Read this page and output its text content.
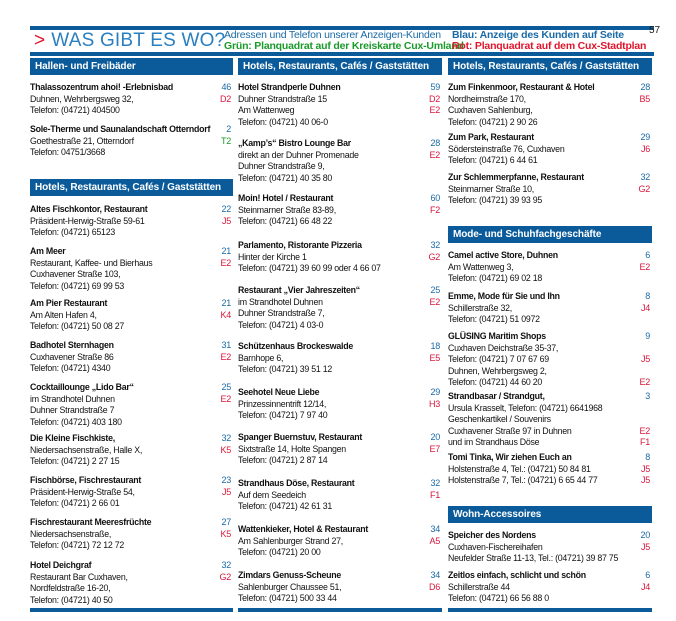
> WAS GIBT ES WO?
Adressen und Telefon unserer Anzeigen-Kunden
Grün: Planquadrat auf der Kreiskarte Cux-Umland
Blau: Anzeige des Kunden auf Seite
Rot: Planquadrat auf dem Cux-Stadtplan
57
Hallen- und Freibäder
Thalassozentrum ahoi! -Erlebnisbad	46
Duhnen, Wehrbergsweg 32,	D2
Telefon: (04721) 404500
Sole-Therme und Saunalandschaft Otterndorf 2
Goethestraße 21, Otterndorf	T2
Telefon: 04751/3668
Hotels, Restaurants, Cafés / Gaststätten
Altes Fischkontor, Restaurant	22
Präsident-Herwig-Straße 59-61	J5
Telefon: (04721) 65123
Am Meer	21
Restaurant, Kaffee- und Bierhaus	E2
Cuxhavener Straße 103,
Telefon: (04721) 69 99 53
Am Pier Restaurant	21
Am Alten Hafen 4,	K4
Telefon: (04721) 50 08 27
Badhotel Sternhagen	31
Cuxhavener Straße 86	E2
Telefon: (04721) 4340
Cocktaillounge „Lido Bar“	25
im Strandhotel Duhnen	E2
Duhner Strandstraße 7
Telefon: (04721) 403 180
Die Kleine Fischkiste,	32
Niedersachsenstraße, Halle X,	K5
Telefon: (04721) 2 27 15
Fischbörse, Fischrestaurant	23
Präsident-Herwig-Straße 54,	J5
Telefon: (04721) 2 66 01
Fischrestaurant Meeresfrüchte	27
Niedersachsenstraße,	K5
Telefon: (04721) 72 12 72
Hotel Deichgraf	32
Restaurant Bar Cuxhaven,	G2
Nordfeldstraße 16-20,
Telefon: (04721) 40 50
Hotels, Restaurants, Cafés / Gaststätten
Hotel Strandperle Duhnen	59
Duhner Strandstraße 15	D2
Am Wattenweg	E2
Telefon: (04721) 40 06-0
„Kamp’s“ Bistro Lounge Bar	28
direkt an der Duhner Promenade	E2
Duhner Strandstraße 9,
Telefon: (04721) 40 35 80
Moin! Hotel / Restaurant	60
Steinmarner Straße 83-89,	F2
Telefon: (04721) 66 48 22
Parlamento, Ristorante Pizzeria	32
Hinter der Kirche 1	G2
Telefon: (04721) 39 60 99 oder 4 66 07
Restaurant „Vier Jahreszeiten“	25
im Strandhotel Duhnen	E2
Duhner Strandstraße 7,
Telefon: (04721) 4 03-0
Schützenhaus Brockeswalde	18
Barnhope 6,	E5
Telefon: (04721) 39 51 12
Seehotel Neue Liebe	29
Prinzessinnentrift 12/14,	H3
Telefon: (04721) 7 97 40
Spanger Buernstuv, Restaurant	20
Sixtstraße 14, Holte Spangen	E7
Telefon: (04721) 2 87 14
Strandhaus Döse, Restaurant	32
Auf dem Seedeich	F1
Telefon: (04721) 42 61 31
Wattenkieker, Hotel & Restaurant	34
Am Sahlenburger Strand 27,	A5
Telefon: (04721) 20 00
Zimdars Genuss-Scheune	34
Sahlenburger Chaussee 51,	D6
Telefon: (04721) 500 33 44
Hotels, Restaurants, Cafés / Gaststätten
Zum Finkenmoor, Restaurant & Hotel	28
Nordheimstraße 170,	B5
Cuxhaven Sahlenburg,
Telefon: (04721) 2 90 26
Zum Park, Restaurant	29
Södersteinstraße 76, Cuxhaven	J6
Telefon: (04721) 6 44 61
Zur Schlemmerpfanne, Restaurant	32
Steinmarner Straße 10,	G2
Telefon: (04721) 39 93 95
Mode- und Schuhfachgeschäfte
Camel active Store, Duhnen	6
Am Wattenweg 3,	E2
Telefon: (04721) 69 02 18
Emme, Mode für Sie und Ihn	8
Schillerstraße 32,	J4
Telefon: (04721) 51 0972
GLÜSING Maritim Shops	9
Cuxhaven Deichstraße 35-37,
Telefon: (04721) 7 07 67 69	J5
Duhnen, Wehrbergsweg 2,
Telefon: (04721) 44 60 20	E2
Strandbasar / Strandgut,	3
Ursula Krasselt, Telefon: (04721) 6641968
Geschenkartikel / Souvenirs
Cuxhavener Straße 97 in Duhnen	E2
und im Strandhaus Döse	F1
Tomi Tinka, Wir ziehen Euch an	8
Holstenstraße 4, Tel.: (04721) 50 84 81	J5
Holstenstraße 7, Tel.: (04721) 6 65 44 77	J5
Wohn-Accessoires
Speicher des Nordens	20
Cuxhaven-Fischereihafen	J5
Neufelder Straße 11-13, Tel.: (04721) 39 87 75
Zeitlos einfach, schlicht und schön	6
Schillerstraße 44	J4
Telefon: (04721) 66 56 88 0
